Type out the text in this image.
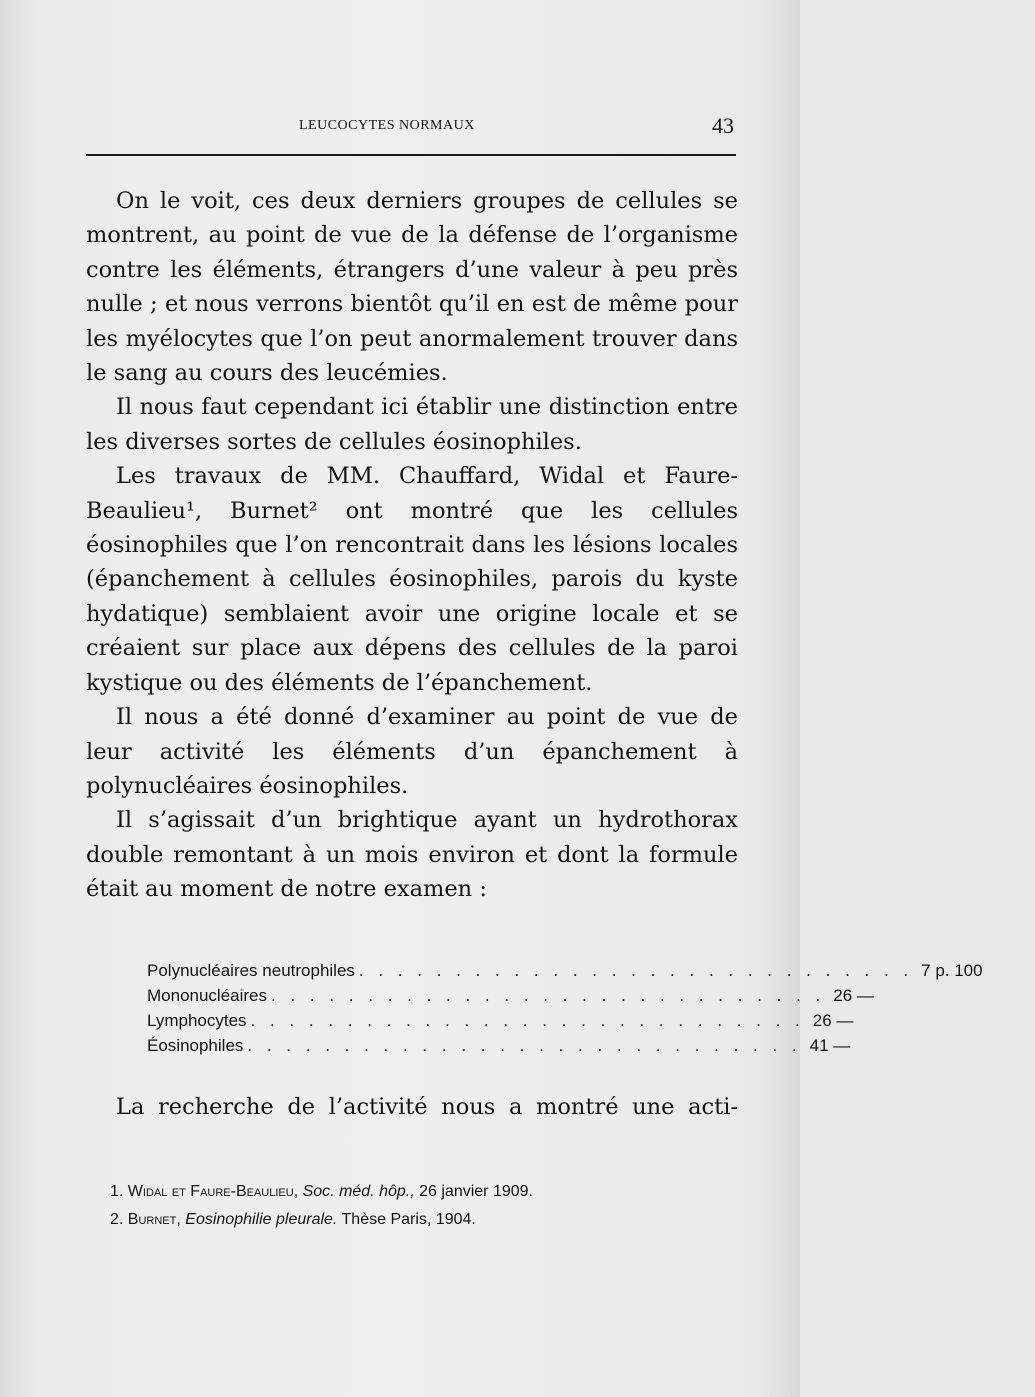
LEUCOCYTES NORMAUX	43

On le voit, ces deux derniers groupes de cellules se montrent, au point de vue de la défense de l’organisme contre les éléments, étrangers d’une valeur à peu près nulle ; et nous verrons bientôt qu’il en est de même pour les myélocytes que l’on peut anormalement trouver dans le sang au cours des leucémies.

Il nous faut cependant ici établir une distinction entre les diverses sortes de cellules éosinophiles.

Les travaux de MM. Chauffard, Widal et Faure-Beaulieu¹, Burnet² ont montré que les cellules éosinophiles que l’on rencontrait dans les lésions locales (épanchement à cellules éosinophiles, parois du kyste hydatique) semblaient avoir une origine locale et se créaient sur place aux dépens des cellules de la paroi kystique ou des éléments de l’épanchement.

Il nous a été donné d’examiner au point de vue de leur activité les éléments d’un épanchement à polynucléaires éosinophiles.

Il s’agissait d’un brightique ayant un hydrothorax double remontant à un mois environ et dont la formule était au moment de notre examen :

Polynucléaires neutrophiles . . . . . . . . . . . . . . . . . . . . . . . . . . . . . 7 p. 100
Mononucléaires . . . . . . . . . . . . . . . . . . . . . . . . . . . . . 26 —
Lymphocytes . . . . . . . . . . . . . . . . . . . . . . . . . . . . . 26 —
Éosinophiles . . . . . . . . . . . . . . . . . . . . . . . . . . . . . 41 —
La recherche de l’activité nous a montré une acti-
1. Widal et Faure-Beaulieu, Soc. méd. hôp., 26 janvier 1909.
2. Burnet, Eosinophilie pleurale. Thèse Paris, 1904.
